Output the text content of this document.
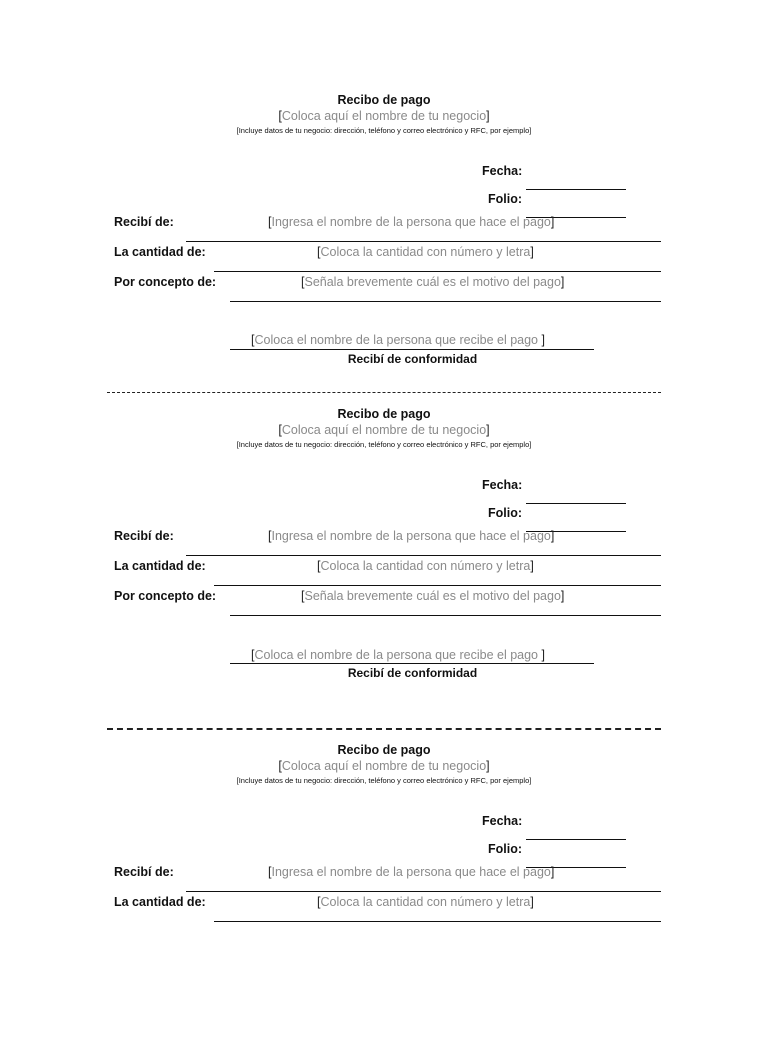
Recibo de pago
[Coloca aquí el nombre de tu negocio]
[Incluye datos de tu negocio: dirección, teléfono y correo electrónico y RFC, por ejemplo]
Fecha:
Folio:
Recibí de:	[Ingresa el nombre de la persona que hace el pago]
La cantidad de:	[Coloca la cantidad con número y letra]
Por concepto de:	[Señala brevemente cuál es el motivo del pago]
[Coloca el nombre de la persona que recibe el pago ]
Recibí de conformidad
Recibo de pago
[Coloca aquí el nombre de tu negocio]
[Incluye datos de tu negocio: dirección, teléfono y correo electrónico y RFC, por ejemplo]
Fecha:
Folio:
Recibí de:	[Ingresa el nombre de la persona que hace el pago]
La cantidad de:	[Coloca la cantidad con número y letra]
Por concepto de:	[Señala brevemente cuál es el motivo del pago]
[Coloca el nombre de la persona que recibe el pago ]
Recibí de conformidad
Recibo de pago
[Coloca aquí el nombre de tu negocio]
[Incluye datos de tu negocio: dirección, teléfono y correo electrónico y RFC, por ejemplo]
Fecha:
Folio:
Recibí de:	[Ingresa el nombre de la persona que hace el pago]
La cantidad de:	[Coloca la cantidad con número y letra]
